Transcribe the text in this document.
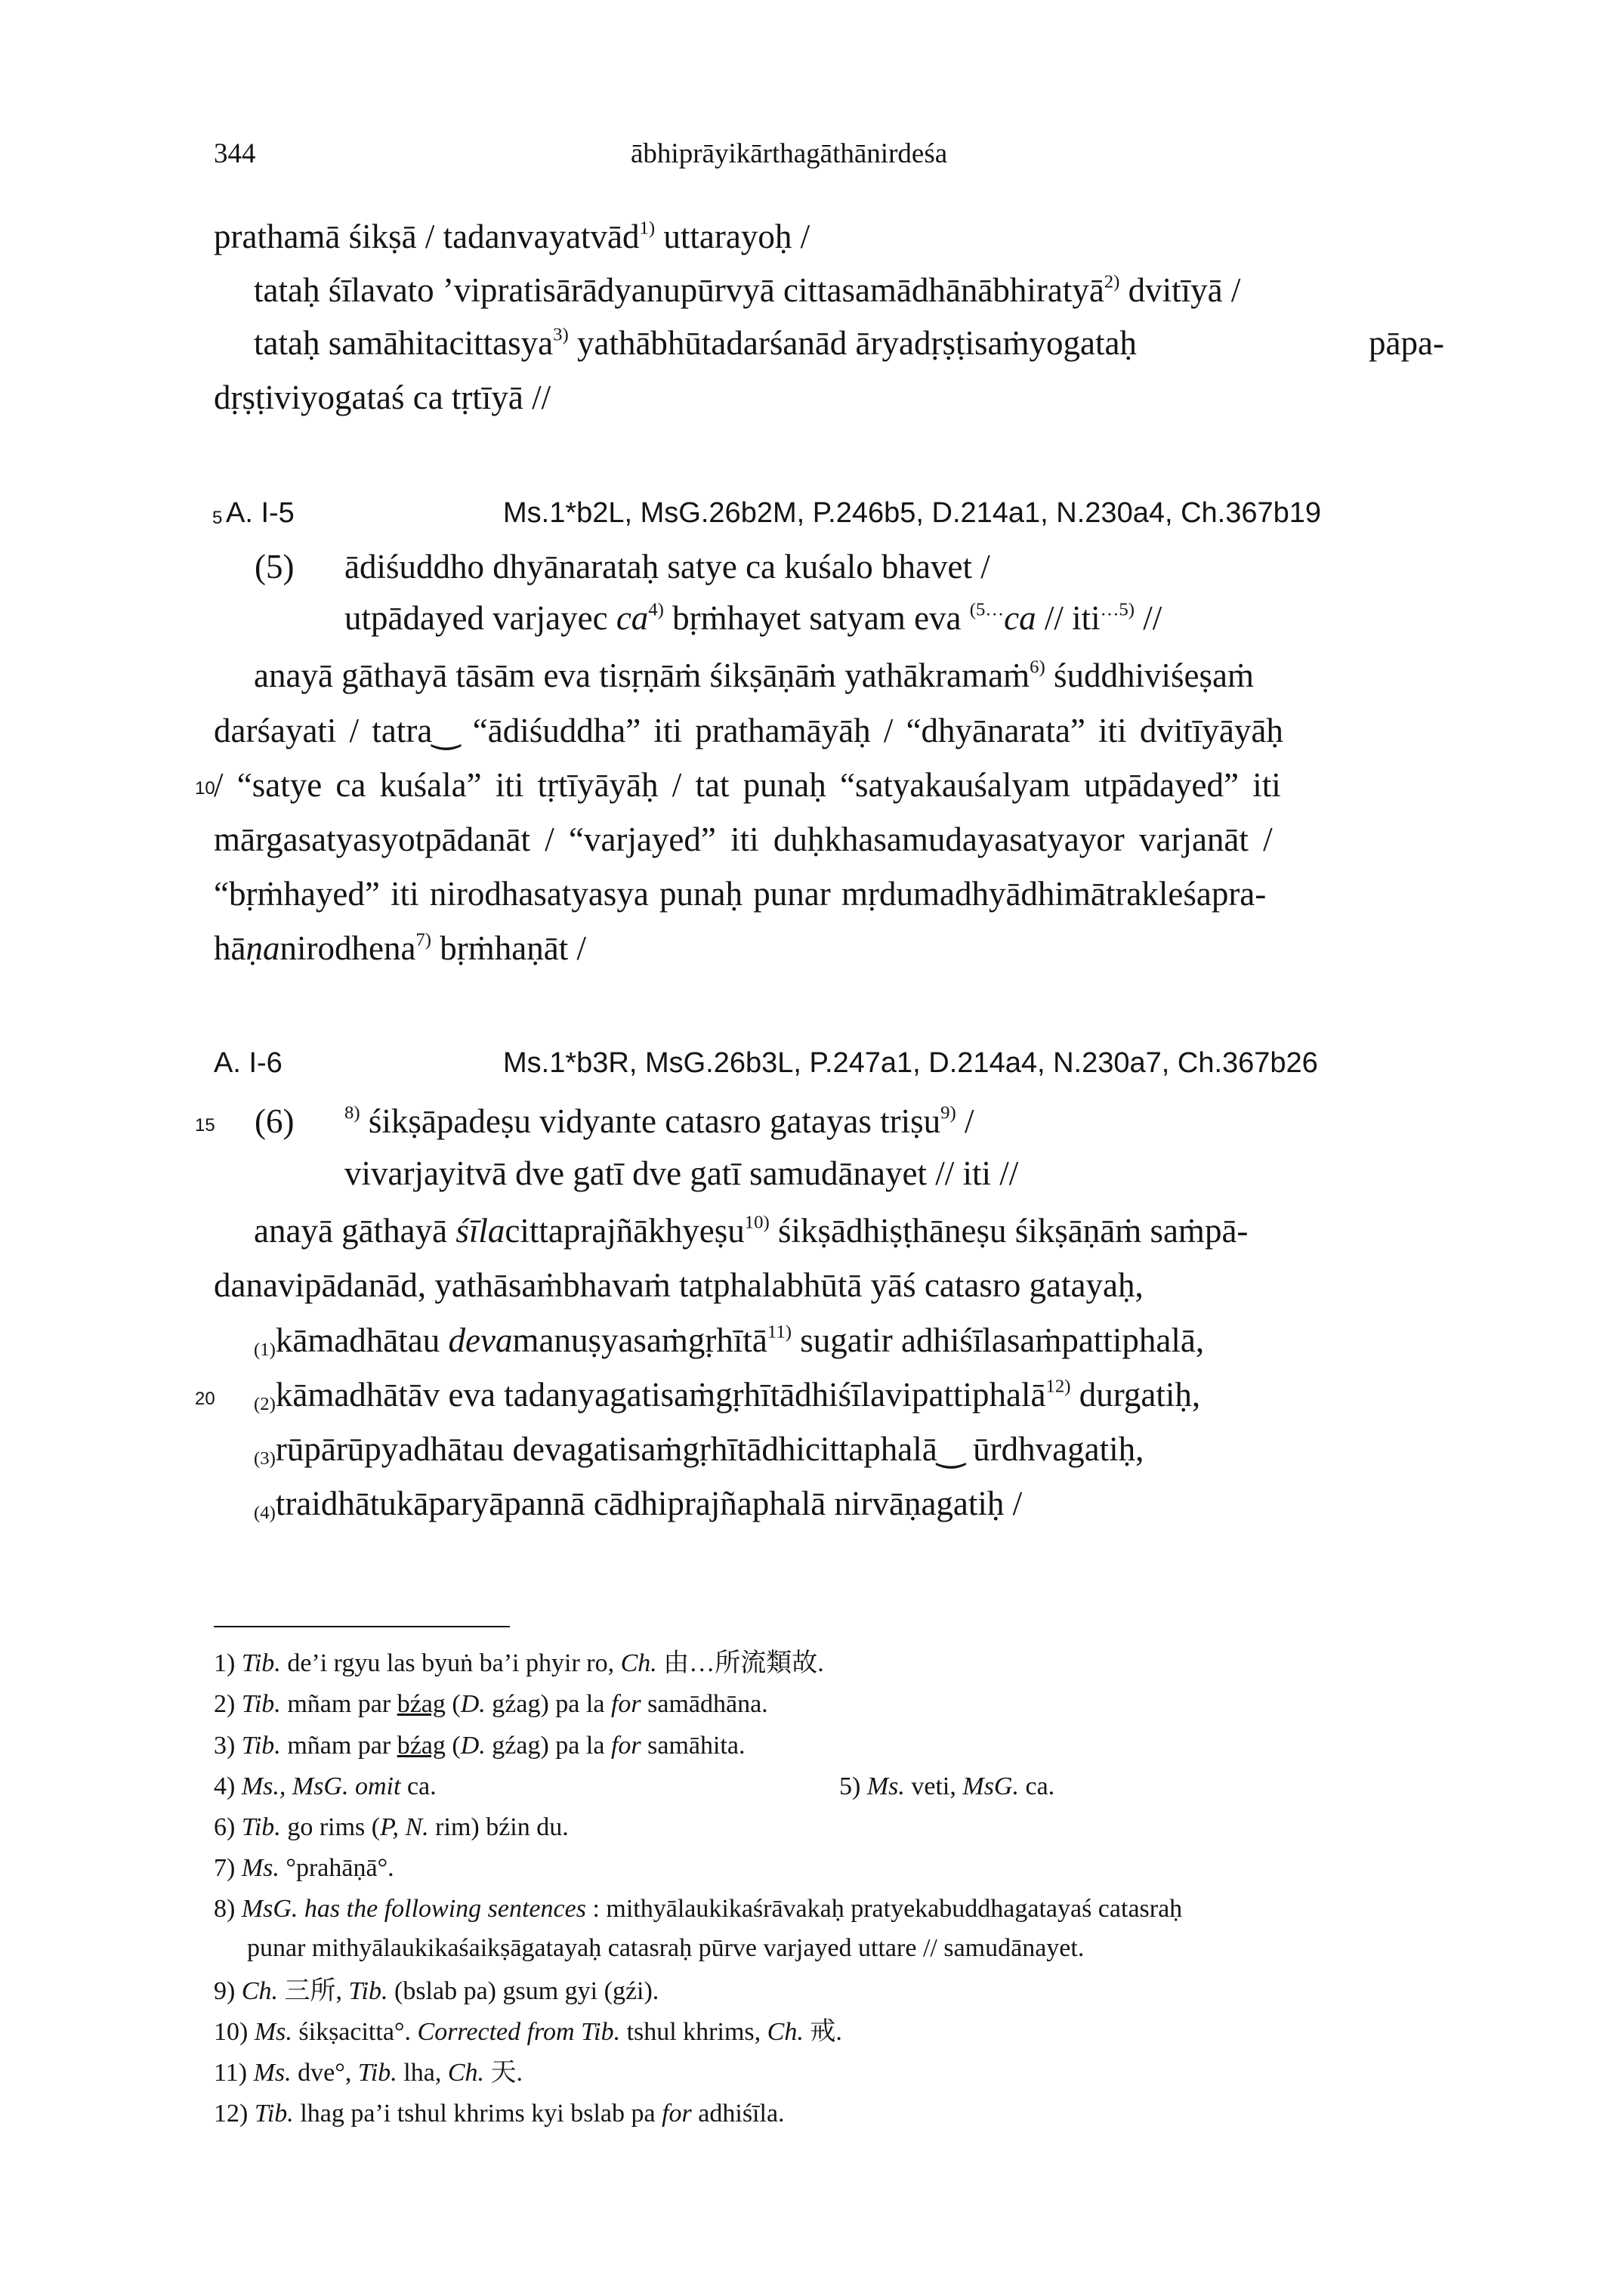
344	ābhiprāyikārthagāthānirdeśa
prathamā śikṣā / tadanvayatvād$^{1)}$ uttarayoḥ /
tataḥ śīlavato ’vipratisārādyanupūrvyā cittasamādhānābhiratyā$^{2)}$ dvitīyā /
tataḥ samāhitacittasya$^{3)}$ yathābhūtadarśanād āryadṛṣṭisaṁyogataḥ	pāpa-
dṛṣṭiviyogataś ca tṛtīyā //
5 A. I-5	Ms.1*b2L, MsG.26b2M, P.246b5, D.214a1, N.230a4, Ch.367b19
(5) ādiśuddho dhyānarataḥ satye ca kuśalo bhavet /
utpādayed varjayec $ca^{4)}$ bṛṁhayet satyam eva $^{(5\dots}$ca // iti$^{\dots 5)}$ //
anayā gāthayā tāsām eva tisṛṇāṁ śikṣāṇāṁ yathākramaṁ$^{6)}$ śuddhiviśeṣaṁ
darśayati / tatra‿ “ādiśuddha” iti prathamāyāḥ / “dhyānarata” iti dvitīyāyāḥ
10
/ “satye ca kuśala” iti tṛtīyāyāḥ / tat punaḥ “satyakauśalyam utpādayed” iti
mārgasatyasyotpādanāt / “varjayed” iti duḥkhasamudayasatyayor varjanāt /
“bṛṁhayed” iti nirodhasatyasya punaḥ punar mṛdumadhyādhimātrakleśapra-
hāṇanirodhena$^{7)}$ bṛṁhaṇāt /
A. I-6	Ms.1*b3R, MsG.26b3L, P.247a1, D.214a4, N.230a7, Ch.367b26
15 (6)	$^{8)}$ śikṣāpadeṣu vidyante catasro gatayas triṣu$^{9)}$ /
vivarjayitvā dve gatī dve gatī samudānayet // iti //
anayā gāthayā śīlacittaprajñākhyeṣu$^{10)}$ śikṣādhiṣṭhāneṣu śikṣāṇāṁ saṁpā-
danavipādanād, yathāsaṁbhavaṁ tatphalabhūtā yāś catasro gatayaḥ,
$_{(1)}$kāmadhātau devamanuṣyasaṁgṛhītā$^{11)}$ sugatir adhiśīlasaṁpattiphalā,
20 $_{(2)}$kāmadhātāv eva tadanyagatisaṁgṛhītādhiśīlavipattiphalā$^{12)}$ durgatiḥ,
$_{(3)}$rūpārūpyadhātau devagatisaṁgṛhītādhicittaphalā‿ ūrdhvagatiḥ,
$_{(4)}$traidhātukāparyāpannā cādhiprajñaphalā nirvāṇagatiḥ /
1) Tib. de’i rgyu las byuṅ ba’i phyir ro, Ch. 由…所流類故.
2) Tib. mñam par bźag (D. gźag) pa la for samādhāna.
3) Tib. mñam par bźag (D. gźag) pa la for samāhita.
4) Ms., MsG. omit ca.	5) Ms. veti, MsG. ca.
6) Tib. go rims (P, N. rim) bźin du.
7) Ms. °prahāṇā°.
8) MsG. has the following sentences : mithyālaukikaśrāvakaḥ pratyekabuddhagatayaś catasraḥ
punar mithyālaukikaśaikṣāgatayaḥ catasraḥ pūrve varjayed uttare // samudānayet.
9) Ch. 三所, Tib. (bslab pa) gsum gyi (gźi).
10) Ms. śikṣacitta°. Corrected from Tib. tshul khrims, Ch. 戒.
11) Ms. dve°, Tib. lha, Ch. 天.
12) Tib. lhag pa’i tshul khrims kyi bslab pa for adhiśīla.
